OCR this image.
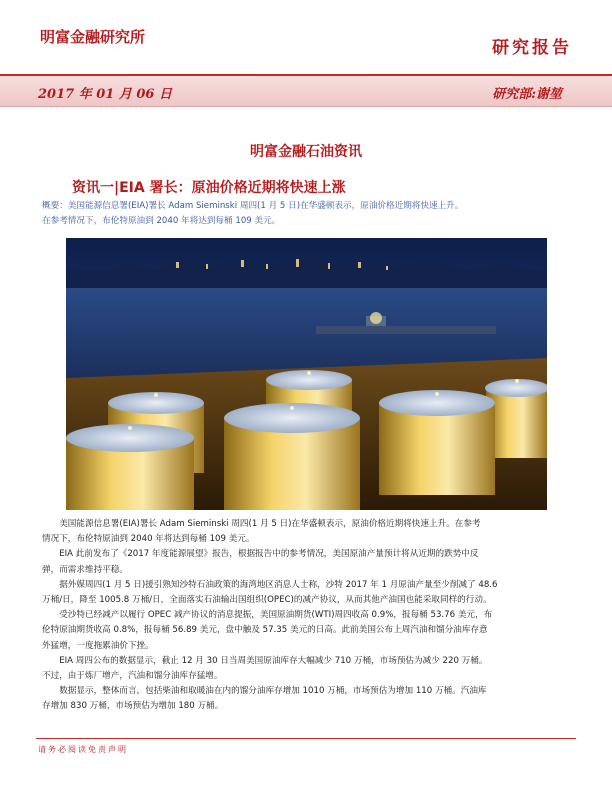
明富金融研究所
研究报告
2017 年 01 月 06 日	研究部:谢堃
明富金融石油资讯
资讯一|EIA 署长：原油价格近期将快速上涨
概要：美国能源信息署(EIA)署长 Adam Sieminski 周四(1 月 5 日)在华盛顿表示，原油价格近期将快速上升。
在参考情况下，布伦特原油到 2040 年将达到每桶 109 美元。

美国能源信息署(EIA)署长 Adam Sieminski 周四(1 月 5 日)在华盛顿表示，原油价格近期将快速上升。在参考

情况下，布伦特原油到 2040 年将达到每桶 109 美元。

EIA 此前发布了《2017 年度能源展望》报告，根据报告中的参考情况，美国原油产量预计将从近期的跌势中反

弹，而需求维持平稳。

据外媒周四(1 月 5 日)援引熟知沙特石油政策的海湾地区消息人士称，沙特 2017 年 1 月原油产量至少削减了 48.6

万桶/日，降至 1005.8 万桶/日，全面落实石油输出国组织(OPEC)的减产协议，从而其他产油国也能采取同样的行动。

受沙特已经减产以履行 OPEC 减产协议的消息提振，美国原油期货(WTI)周四收高 0.9%，报每桶 53.76 美元，布

伦特原油期货收高 0.8%，报每桶 56.89 美元，盘中触及 57.35 美元的日高。此前美国公布上周汽油和馏分油库存意

外猛增，一度拖累油价下挫。

EIA 周四公布的数据显示，截止 12 月 30 日当周美国原油库存大幅减少 710 万桶，市场预估为减少 220 万桶。

不过，由于炼厂增产，汽油和馏分油库存猛增。

数据显示，整体而言，包括柴油和取暖油在内的馏分油库存增加 1010 万桶，市场预估为增加 110 万桶。汽油库

存增加 830 万桶，市场预估为增加 180 万桶。

请务必阅读免责声明
